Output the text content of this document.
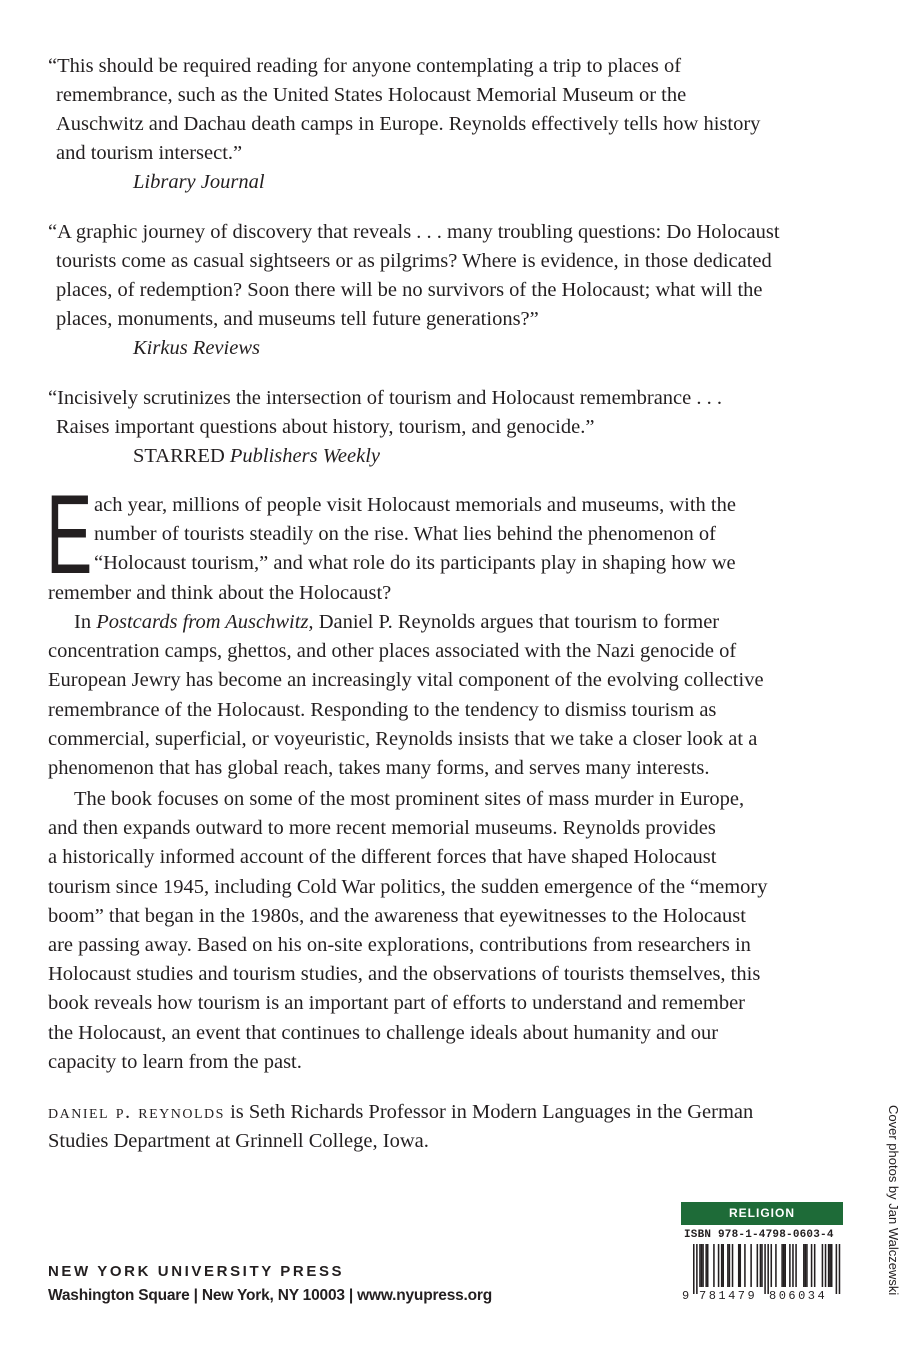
“This should be required reading for anyone contemplating a trip to places of
remembrance, such as the United States Holocaust Memorial Museum or the
Auschwitz and Dachau death camps in Europe. Reynolds effectively tells how history
and tourism intersect.”
Library Journal
“A graphic journey of discovery that reveals . . . many troubling questions: Do Holocaust
tourists come as casual sightseers or as pilgrims? Where is evidence, in those dedicated
places, of redemption? Soon there will be no survivors of the Holocaust; what will the
places, monuments, and museums tell future generations?”
Kirkus Reviews
“Incisively scrutinizes the intersection of tourism and Holocaust remembrance . . .
Raises important questions about history, tourism, and genocide.”
STARRED Publishers Weekly
E ach year, millions of people visit Holocaust memorials and museums, with the
number of tourists steadily on the rise. What lies behind the phenomenon of
“Holocaust tourism,” and what role do its participants play in shaping how we
remember and think about the Holocaust?
In Postcards from Auschwitz, Daniel P. Reynolds argues that tourism to former
concentration camps, ghettos, and other places associated with the Nazi genocide of
European Jewry has become an increasingly vital component of the evolving collective
remembrance of the Holocaust. Responding to the tendency to dismiss tourism as
commercial, superficial, or voyeuristic, Reynolds insists that we take a closer look at a
phenomenon that has global reach, takes many forms, and serves many interests.
The book focuses on some of the most prominent sites of mass murder in Europe,
and then expands outward to more recent memorial museums. Reynolds provides
a historically informed account of the different forces that have shaped Holocaust
tourism since 1945, including Cold War politics, the sudden emergence of the “memory
boom” that began in the 1980s, and the awareness that eyewitnesses to the Holocaust
are passing away. Based on his on-site explorations, contributions from researchers in
Holocaust studies and tourism studies, and the observations of tourists themselves, this
book reveals how tourism is an important part of efforts to understand and remember
the Holocaust, an event that continues to challenge ideals about humanity and our
capacity to learn from the past.
daniel p. reynolds is Seth Richards Professor in Modern Languages in the German
Studies Department at Grinnell College, Iowa.
NEW YORK UNIVERSITY PRESS
Washington Square | New York, NY 10003 | www.nyupress.org
Cover photos by Jan Walczewski
RELIGION
ISBN 978-1-4798-0603-4
9 781479 806034
